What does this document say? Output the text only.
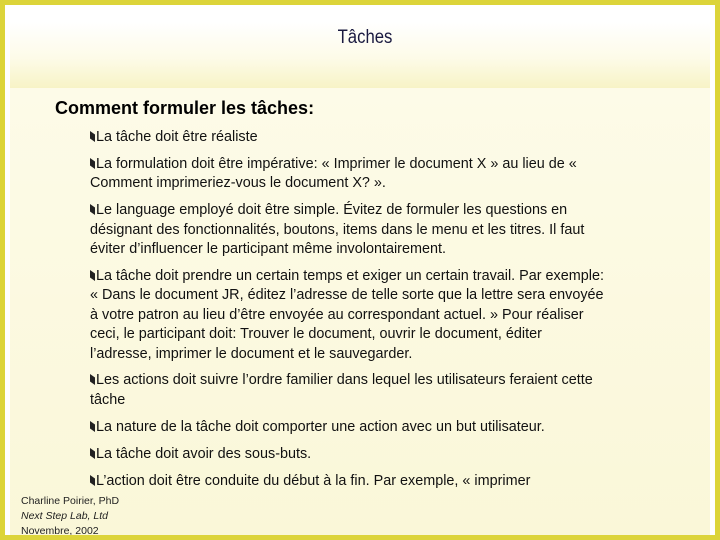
Tâches
Comment formuler les tâches:
La tâche doit être réaliste
La formulation doit être impérative: « Imprimer le document X » au lieu de « Comment imprimeriez-vous le document X? ».
Le language employé doit être simple. Évitez de formuler les questions en désignant des fonctionnalités, boutons, items dans le menu et les titres. Il faut éviter d’influencer le participant même involontairement.
La tâche doit prendre un certain temps et exiger un certain travail. Par exemple: « Dans le document JR, éditez l’adresse de telle sorte que la lettre sera envoyée à votre patron au lieu d’être envoyée au correspondant actuel. » Pour réaliser ceci, le participant doit: Trouver le document, ouvrir le document, éditer l’adresse, imprimer le document et le sauvegarder.
Les actions doit suivre l’ordre familier dans lequel les utilisateurs feraient cette tâche
La nature de la tâche doit comporter une action avec un but utilisateur.
La tâche doit avoir des sous-buts.
L’action doit être conduite du début à la fin. Par exemple, « imprimer
Charline Poirier, PhD
Next Step Lab, Ltd
Novembre, 2002
